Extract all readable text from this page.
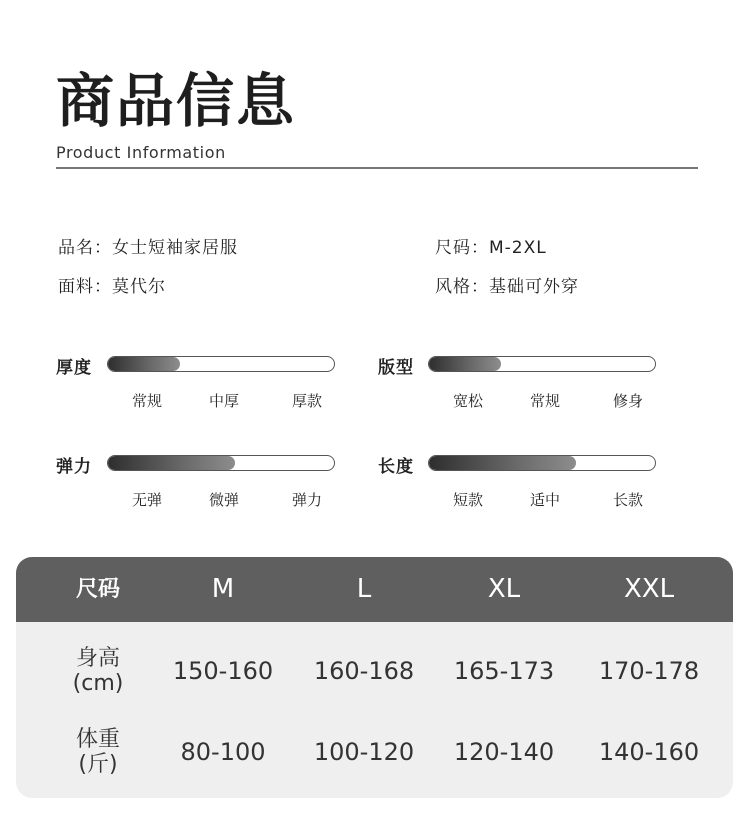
商品信息
Product Information
品名：女士短袖家居服	尺码：M-2XL
面料：莫代尔	风格：基础可外穿
厚度
常规	中厚	厚款
版型
宽松	常规	修身
弹力
无弹	微弹	弹力
长度
短款	适中	长款
尺码	M	L	XL	XXL
身高
(cm) 150-160 160-168 165-173 170-178
体重
(斤)	80-100 100-120 120-140 140-160
